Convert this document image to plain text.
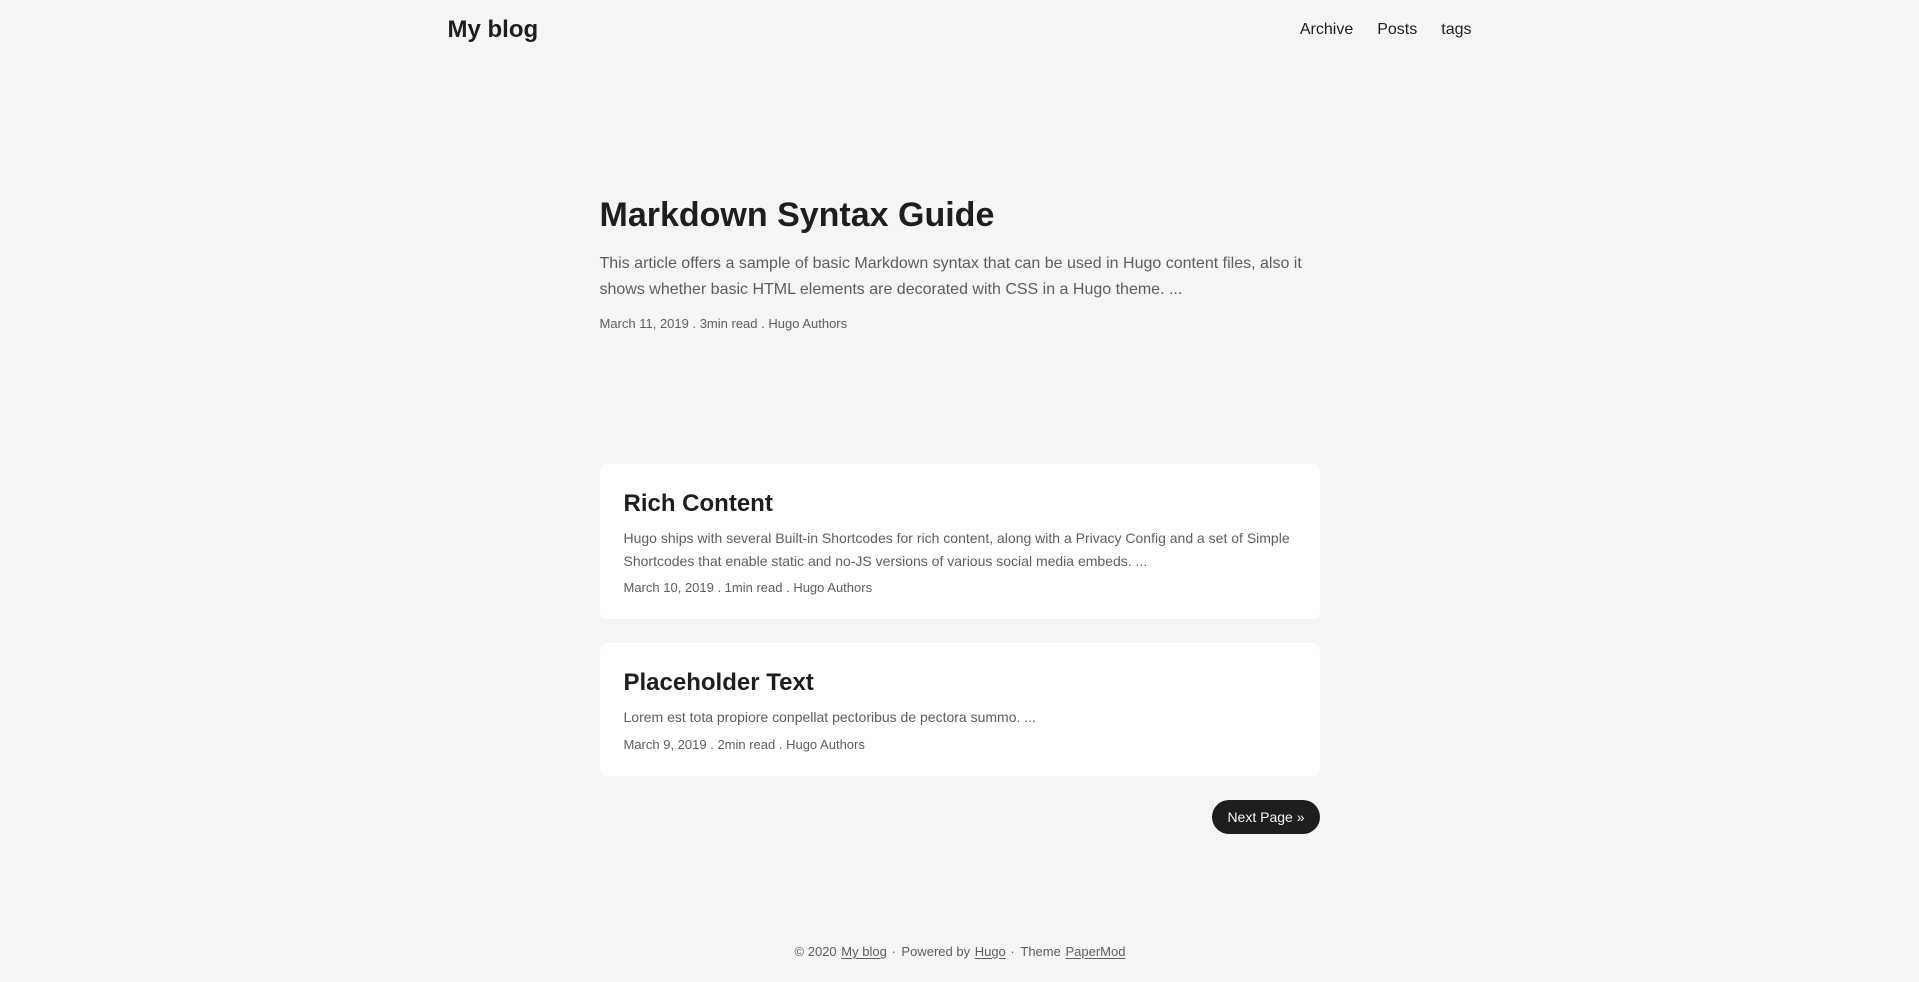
My blog	Archive Posts tags
Markdown Syntax Guide
This article offers a sample of basic Markdown syntax that can be used in Hugo content files, also it shows whether basic HTML elements are decorated with CSS in a Hugo theme. ...
March 11, 2019 . 3min read . Hugo Authors
Rich Content
Hugo ships with several Built-in Shortcodes for rich content, along with a Privacy Config and a set of Simple Shortcodes that enable static and no-JS versions of various social media embeds. ...
March 10, 2019 . 1min read . Hugo Authors
Placeholder Text
Lorem est tota propiore conpellat pectoribus de pectora summo. ...
March 9, 2019 . 2min read . Hugo Authors
Next Page »
© 2020 My blog · Powered by Hugo · Theme PaperMod
